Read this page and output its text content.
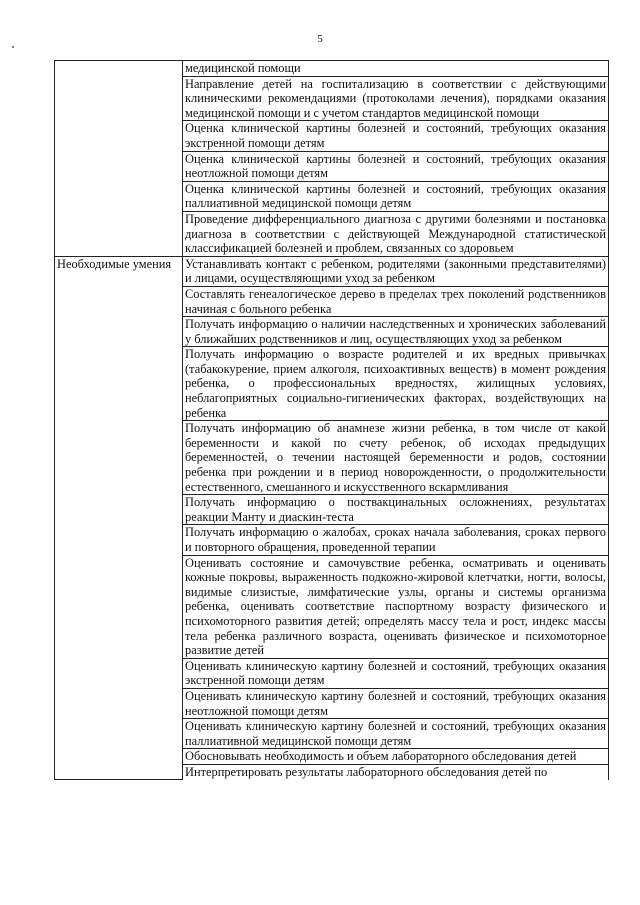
5
	медицинской помощи
	Направление детей на госпитализацию в соответствии с действующими клиническими рекомендациями (протоколами лечения), порядками оказания медицинской помощи и с учетом стандартов медицинской помощи
	Оценка клинической картины болезней и состояний, требующих оказания экстренной помощи детям
	Оценка клинической картины болезней и состояний, требующих оказания неотложной помощи детям
	Оценка клинической картины болезней и состояний, требующих оказания паллиативной медицинской помощи детям
	Проведение дифференциального диагноза с другими болезнями и постановка диагноза в соответствии с действующей Международной статистической классификацией болезней и проблем, связанных со здоровьем
Необходимые умения	Устанавливать контакт с ребенком, родителями (законными представителями) и лицами, осуществляющими уход за ребенком
	Составлять генеалогическое дерево в пределах трех поколений родственников начиная с больного ребенка
	Получать информацию о наличии наследственных и хронических заболеваний у ближайших родственников и лиц, осуществляющих уход за ребенком
	Получать информацию о возрасте родителей и их вредных привычках (табакокурение, прием алкоголя, психоактивных веществ) в момент рождения ребенка, о профессиональных вредностях, жилищных условиях, неблагоприятных социально-гигиенических факторах, воздействующих на ребенка
	Получать информацию об анамнезе жизни ребенка, в том числе от какой беременности и какой по счету ребенок, об исходах предыдущих беременностей, о течении настоящей беременности и родов, состоянии ребенка при рождении и в период новорожденности, о продолжительности естественного, смешанного и искусственного вскармливания
	Получать информацию о поствакцинальных осложнениях, результатах реакции Манту и диаскин-теста
	Получать информацию о жалобах, сроках начала заболевания, сроках первого и повторного обращения, проведенной терапии
	Оценивать состояние и самочувствие ребенка, осматривать и оценивать кожные покровы, выраженность подкожно-жировой клетчатки, ногти, волосы, видимые слизистые, лимфатические узлы, органы и системы организма ребенка, оценивать соответствие паспортному возрасту физического и психомоторного развития детей; определять массу тела и рост, индекс массы тела ребенка различного возраста, оценивать физическое и психомоторное развитие детей
	Оценивать клиническую картину болезней и состояний, требующих оказания экстренной помощи детям
	Оценивать клиническую картину болезней и состояний, требующих оказания неотложной помощи детям
	Оценивать клиническую картину болезней и состояний, требующих оказания паллиативной медицинской помощи детям
	Обосновывать необходимость и объем лабораторного обследования детей
	Интерпретировать результаты лабораторного обследования детей по
